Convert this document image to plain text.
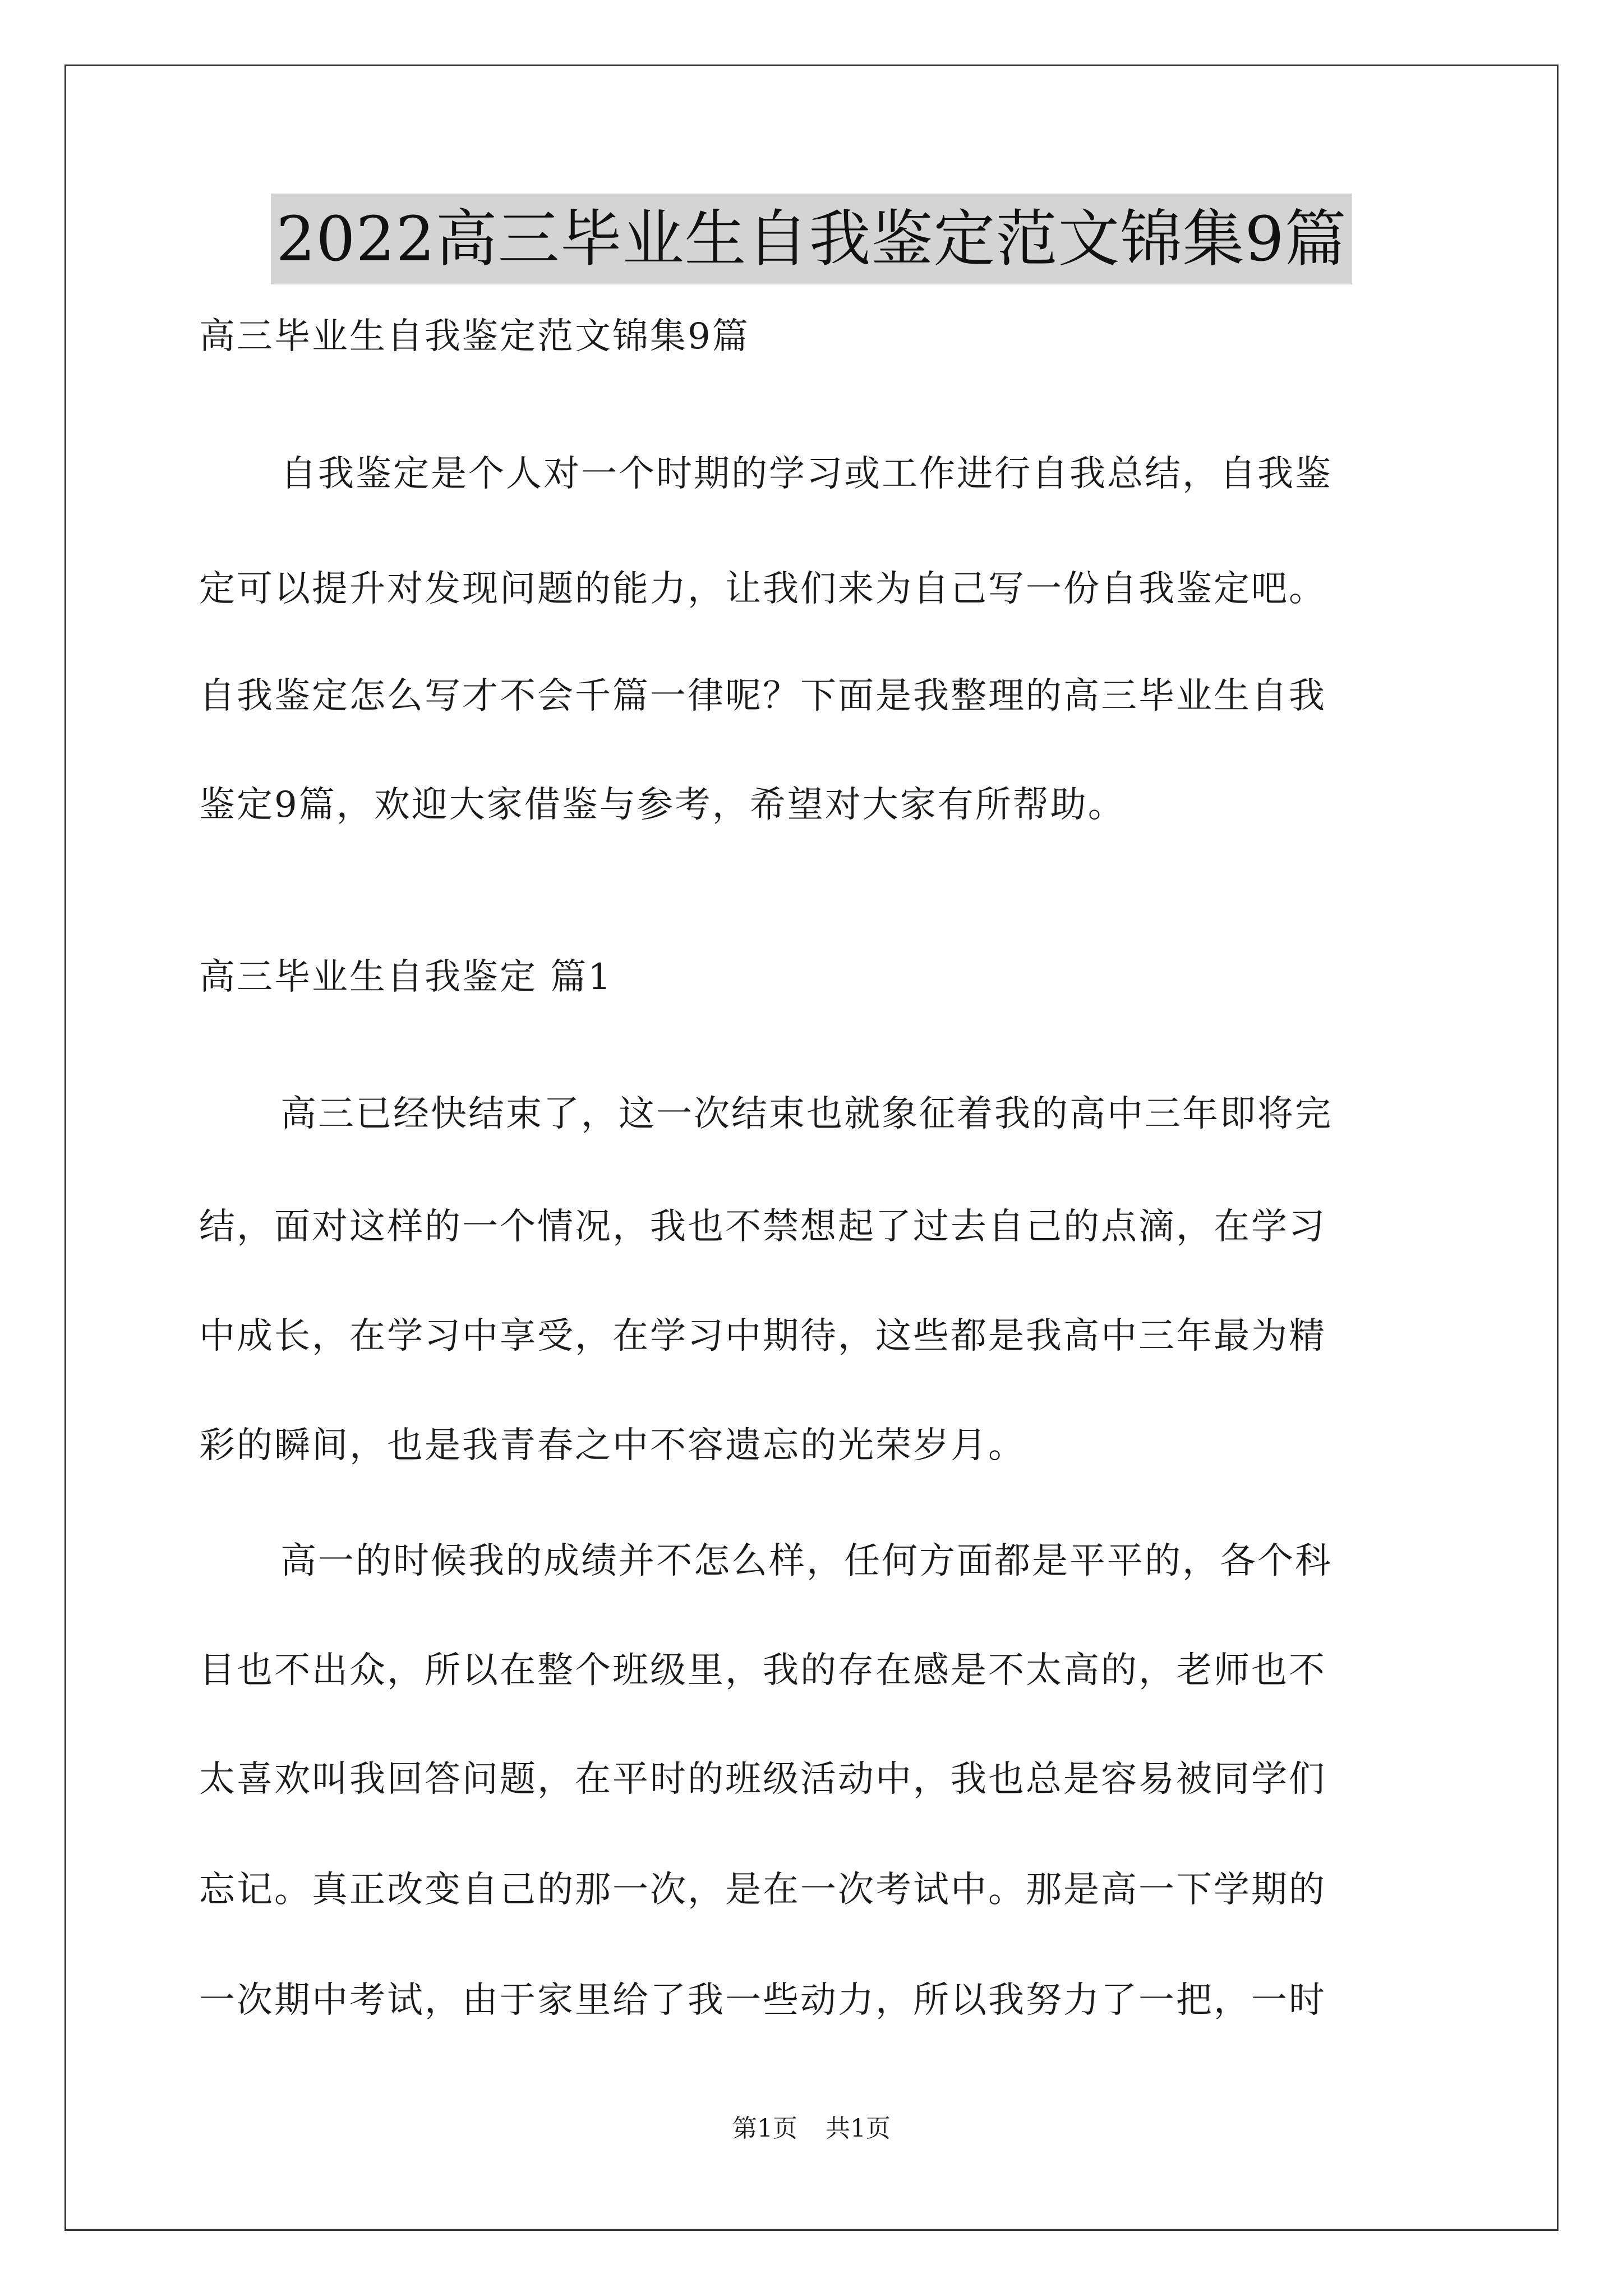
2022高三毕业生自我鉴定范文锦集9篇
高三毕业生自我鉴定范文锦集9篇
自我鉴定是个人对一个时期的学习或工作进行自我总结，自我鉴
定可以提升对发现问题的能力，让我们来为自己写一份自我鉴定吧。
自我鉴定怎么写才不会千篇一律呢？下面是我整理的高三毕业生自我
鉴定9篇，欢迎大家借鉴与参考，希望对大家有所帮助。
高三毕业生自我鉴定 篇1
高三已经快结束了，这一次结束也就象征着我的高中三年即将完
结，面对这样的一个情况，我也不禁想起了过去自己的点滴，在学习
中成长，在学习中享受，在学习中期待，这些都是我高中三年最为精
彩的瞬间，也是我青春之中不容遗忘的光荣岁月。
高一的时候我的成绩并不怎么样，任何方面都是平平的，各个科
目也不出众，所以在整个班级里，我的存在感是不太高的，老师也不
太喜欢叫我回答问题，在平时的班级活动中，我也总是容易被同学们
忘记。真正改变自己的那一次，是在一次考试中。那是高一下学期的
一次期中考试，由于家里给了我一些动力，所以我努力了一把，一时
第1页 共1页
